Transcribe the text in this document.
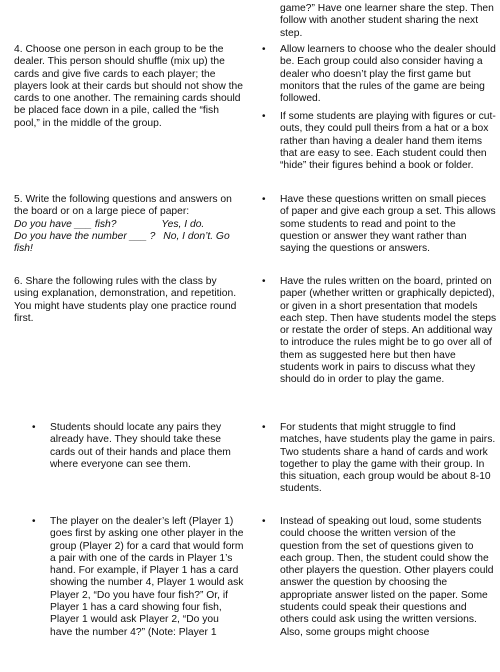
4. Choose one person in each group to be the dealer. This person should shuffle (mix up) the cards and give five cards to each player; the players look at their cards but should not show the cards to one another. The remaining cards should be placed face down in a pile, called the “fish pool,” in the middle of the group.

5. Write the following questions and answers on the board or on a large piece of paper:
Do you have ___ fish?	Yes, I do.
Do you have the number ___ ? No, I don’t. Go fish!

6. Share the following rules with the class by using explanation, demonstration, and repetition. You might have students play one practice round first.

•	Students should locate any pairs they already have. They should take these cards out of their hands and place them where everyone can see them.
•	The player on the dealer’s left (Player 1) goes first by asking one other player in the group (Player 2) for a card that would form a pair with one of the cards in Player 1’s hand. For example, if Player 1 has a card showing the number 4, Player 1 would ask Player 2, “Do you have four fish?” Or, if Player 1 has a card showing four fish, Player 1 would ask Player 2, “Do you have the number 4?” (Note: Player 1

game?” Have one learner share the step. Then follow with another student sharing the next step.

•	Allow learners to choose who the dealer should be. Each group could also consider having a dealer who doesn’t play the first game but monitors that the rules of the game are being followed.
•	If some students are playing with figures or cut-outs, they could pull theirs from a hat or a box rather than having a dealer hand them items that are easy to see. Each student could then “hide” their figures behind a book or folder.
•	Have these questions written on small pieces of paper and give each group a set. This allows some students to read and point to the question or answer they want rather than saying the questions or answers.
•	Have the rules written on the board, printed on paper (whether written or graphically depicted), or given in a short presentation that models each step. Then have students model the steps or restate the order of steps. An additional way to introduce the rules might be to go over all of them as suggested here but then have students work in pairs to discuss what they should do in order to play the game.
•	For students that might struggle to find matches, have students play the game in pairs. Two students share a hand of cards and work together to play the game with their group. In this situation, each group would be about 8-10 students.
•	Instead of speaking out loud, some students could choose the written version of the question from the set of questions given to each group. Then, the student could show the other players the question. Other players could answer the question by choosing the appropriate answer listed on the paper. Some students could speak their questions and others could ask using the written versions. Also, some groups might choose
